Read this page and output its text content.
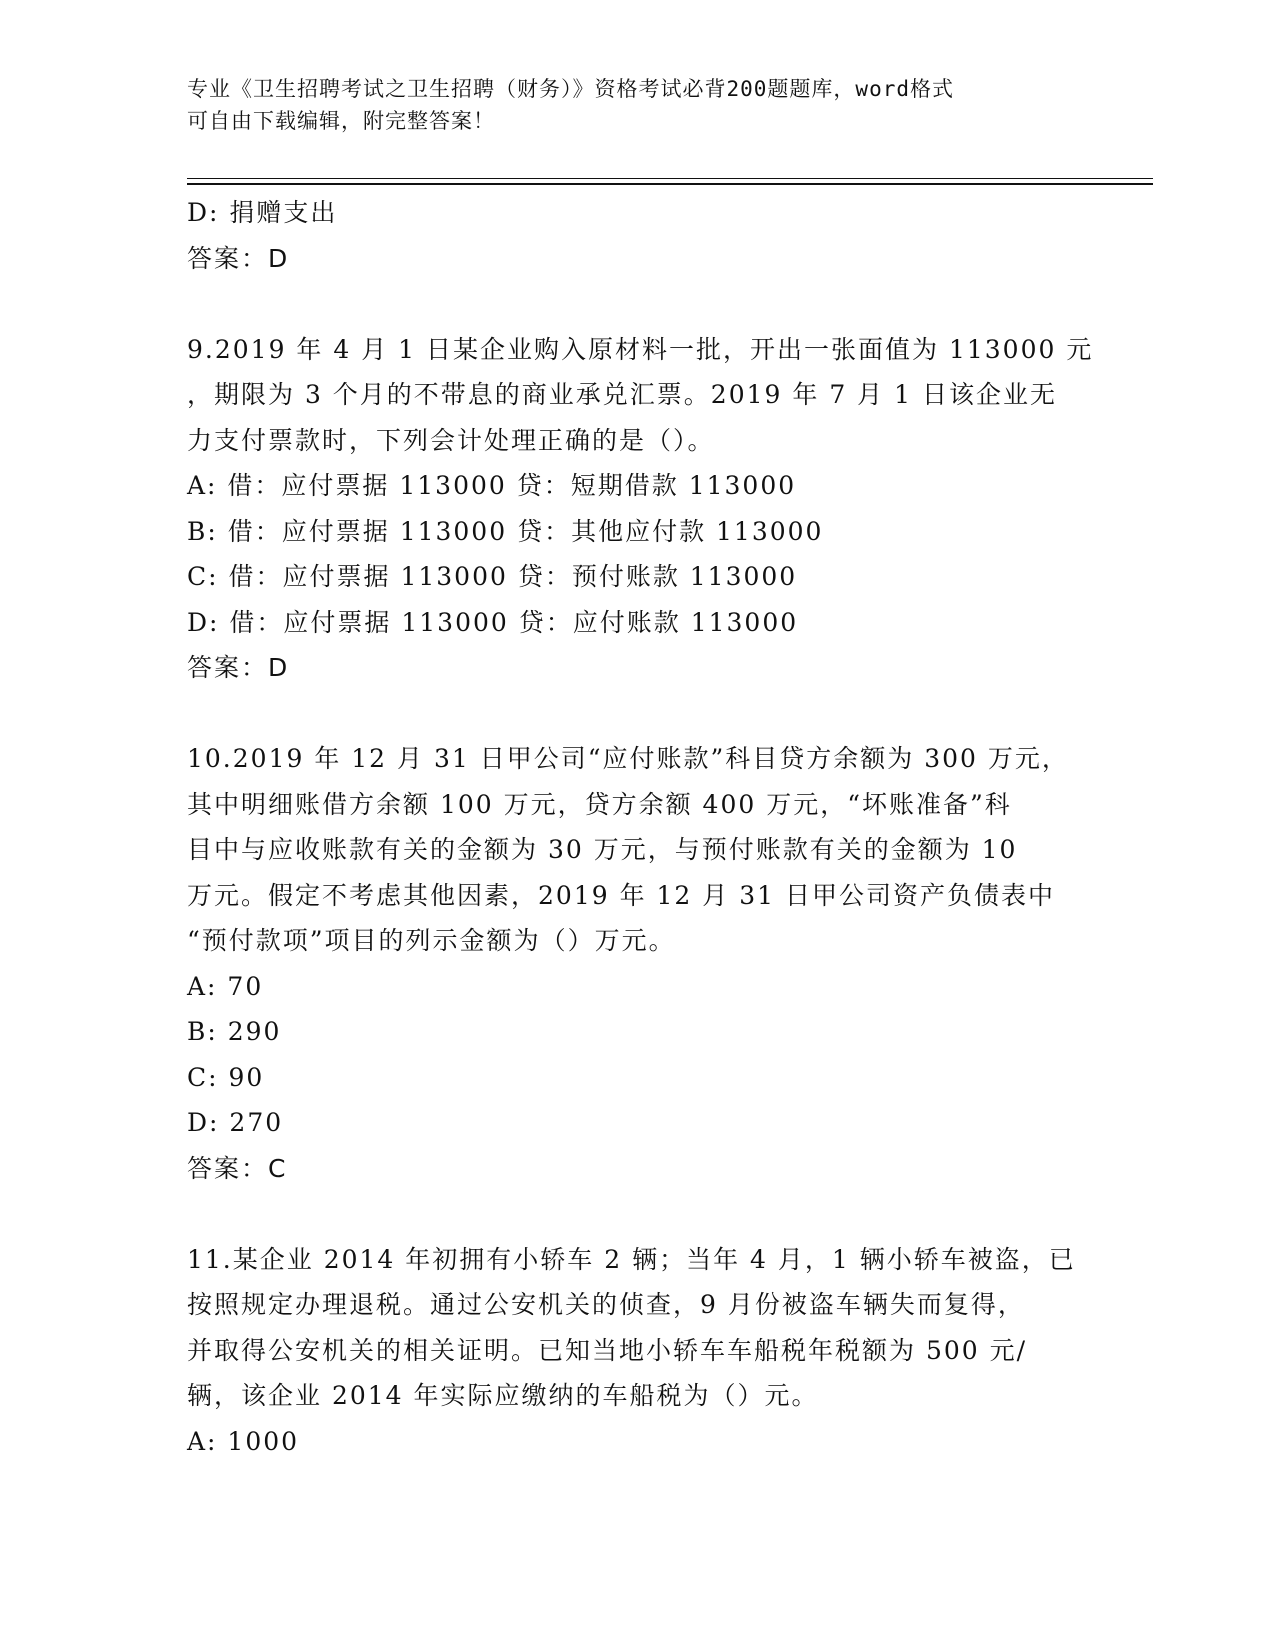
专业《卫生招聘考试之卫生招聘（财务）》资格考试必背200题题库，word格式
可自由下载编辑，附完整答案！
D: 捐赠支出
答案：D
9.2019 年 4 月 1 日某企业购入原材料一批，开出一张面值为 113000 元
，期限为 3 个月的不带息的商业承兑汇票。2019 年 7 月 1 日该企业无
力支付票款时，下列会计处理正确的是（）。
A: 借：应付票据 113000 贷：短期借款 113000
B: 借：应付票据 113000 贷：其他应付款 113000
C: 借：应付票据 113000 贷：预付账款 113000
D: 借：应付票据 113000 贷：应付账款 113000
答案：D
10.2019 年 12 月 31 日甲公司“应付账款”科目贷方余额为 300 万元，
其中明细账借方余额 100 万元，贷方余额 400 万元，“坏账准备”科
目中与应收账款有关的金额为 30 万元，与预付账款有关的金额为 10
万元。假定不考虑其他因素，2019 年 12 月 31 日甲公司资产负债表中
“预付款项”项目的列示金额为（）万元。
A: 70
B: 290
C: 90
D: 270
答案：C
11.某企业 2014 年初拥有小轿车 2 辆；当年 4 月，1 辆小轿车被盗，已
按照规定办理退税。通过公安机关的侦查，9 月份被盗车辆失而复得，
并取得公安机关的相关证明。已知当地小轿车车船税年税额为 500 元/
辆，该企业 2014 年实际应缴纳的车船税为（）元。
A: 1000
